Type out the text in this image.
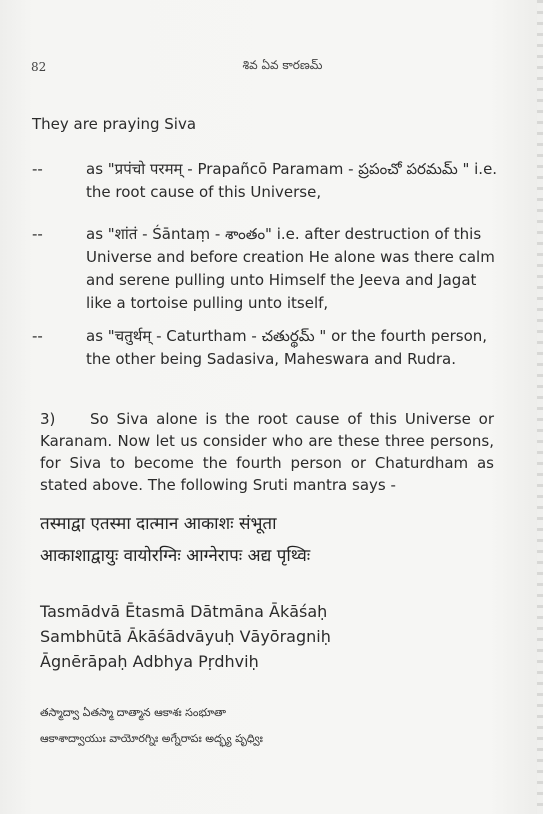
82	శివ ఏవ కారణమ్
They are praying Siva
--	as "प्रपंचो परमम् - Prapañcō Paramam - ప్రపంచో పరమమ్ " i.e. the root cause of this Universe,
--	as "शांतं - Śāntaṃ - శాంతం" i.e. after destruction of this Universe and before creation He alone was there calm and serene pulling unto Himself the Jeeva and Jagat like a tortoise pulling unto itself,
--	as "चतुर्थम् - Caturtham - చతుర్థమ్ " or the fourth person, the other being Sadasiva, Maheswara and Rudra.
3) So Siva alone is the root cause of this Universe or Karanam. Now let us consider who are these three persons, for Siva to become the fourth person or Chaturdham as stated above. The following Sruti mantra says -
तस्माद्वा एतस्मा दात्मान आकाशः संभूता
आकाशाद्वायुः वायोरग्निः आग्नेरापः अद्य पृथ्विः
Tasmādvā Ētasmā Dātmāna Ākāśaḥ
Sambhūtā Ākāśādvāyuḥ Vāyōragniḥ
Āgnērāpaḥ Adbhya Pṛdhviḥ
తస్మాద్వా ఏతస్మా దాత్మాన ఆకాశః సంభూతా
ఆకాశాద్వాయుః వాయోరగ్నిః అగ్నేరాపః అద్భ్య పృధ్విః
